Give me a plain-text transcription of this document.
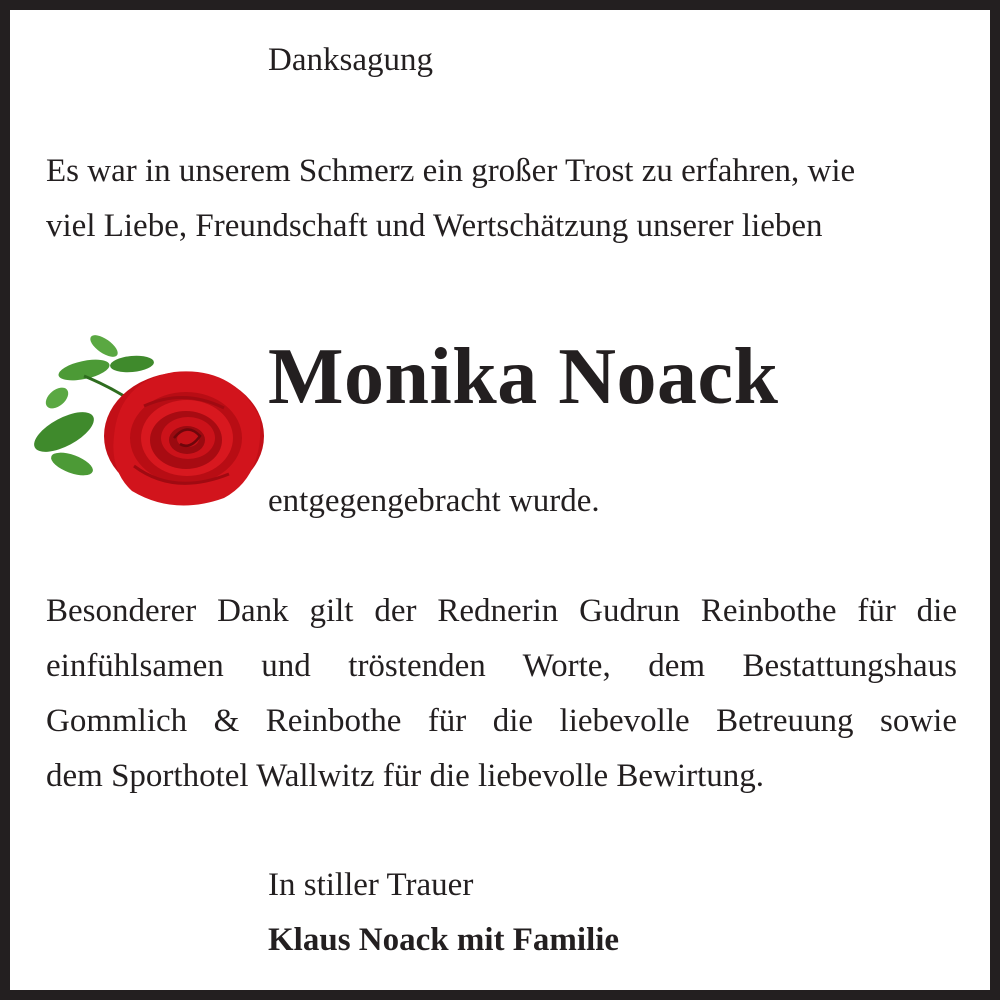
Danksagung

Es war in unserem Schmerz ein großer Trost zu erfahren, wie

viel Liebe, Freundschaft und Wertschätzung unserer lieben

Monika Noack

entgegengebracht wurde.

Besonderer Dank gilt der Rednerin Gudrun Reinbothe für die

einfühlsamen und tröstenden Worte, dem Bestattungshaus

Gommlich & Reinbothe für die liebevolle Betreuung sowie

dem Sporthotel Wallwitz für die liebevolle Bewirtung.

In stiller Trauer

Klaus Noack mit Familie
